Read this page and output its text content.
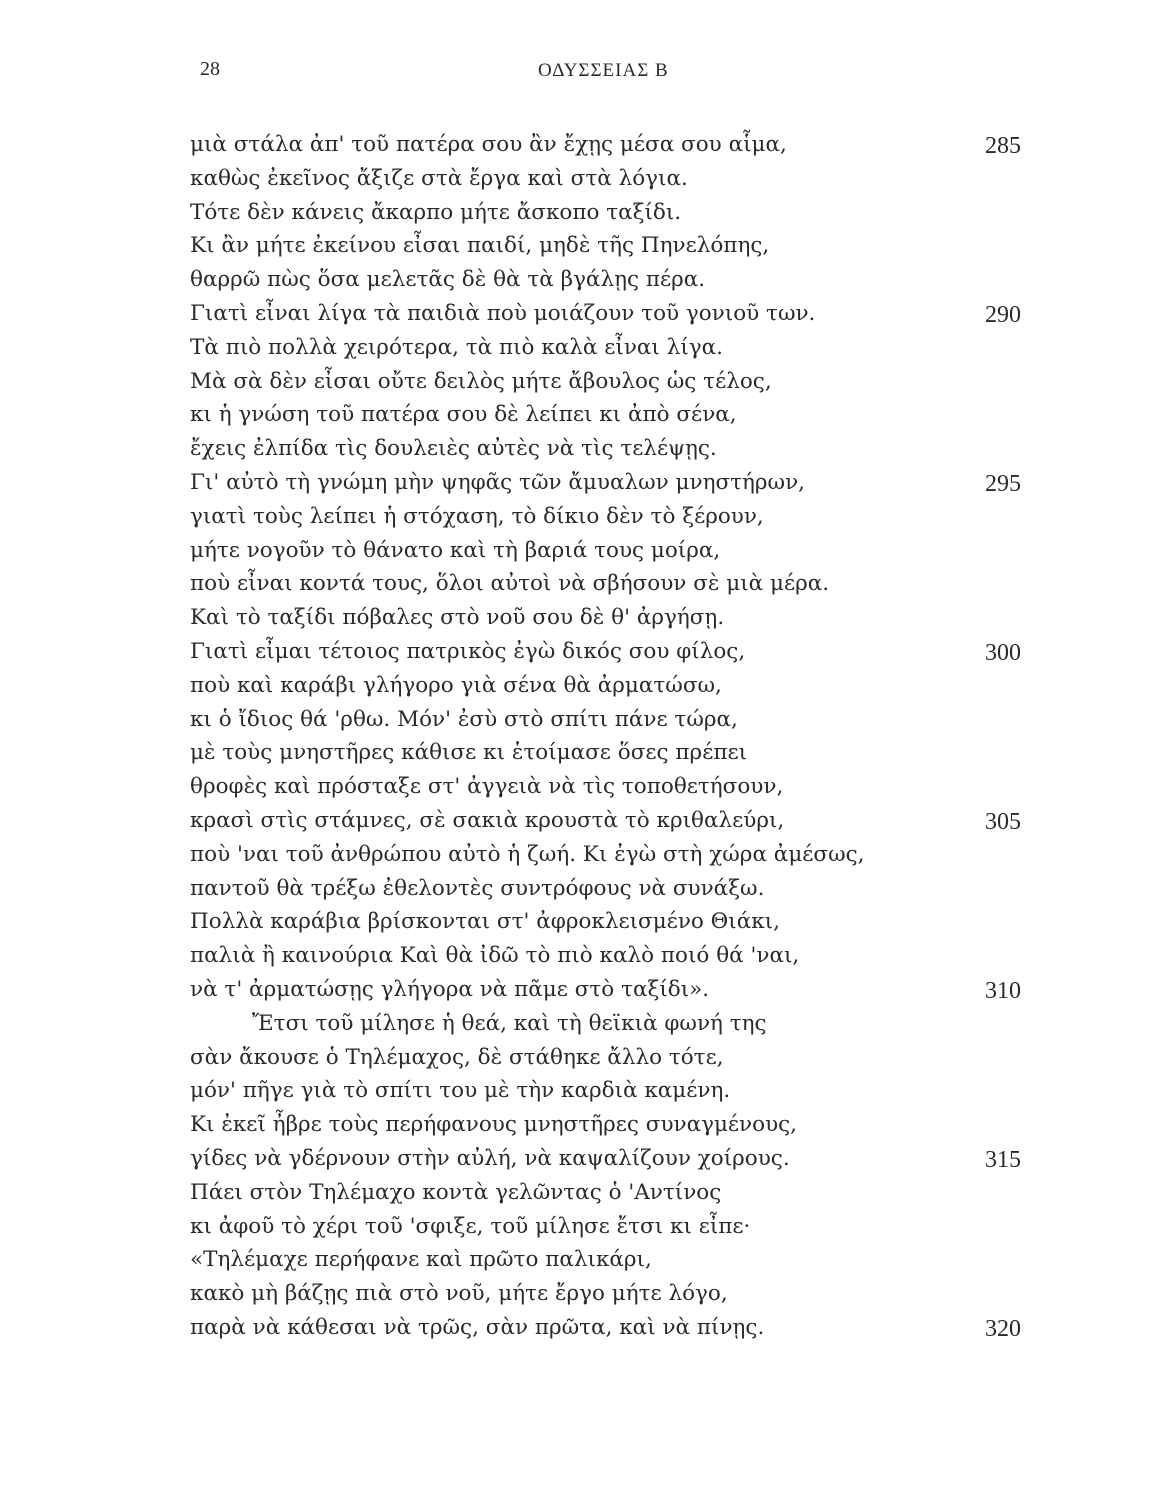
28	ΟΔΥΣΣΕΙΑΣ Β
μιὰ στάλα ἀπ' τοῦ πατέρα σου ἂν ἔχῃς μέσα σου αἷμα,	285
καθὼς ἐκεῖνος ἄξιζε στὰ ἔργα καὶ στὰ λόγια.
Τότε δὲν κάνεις ἄκαρπο μήτε ἄσκοπο ταξίδι.
Κι ἂν μήτε ἐκείνου εἶσαι παιδί, μηδὲ τῆς Πηνελόπης,
θαρρῶ πὼς ὅσα μελετᾶς δὲ θὰ τὰ βγάλῃς πέρα.
Γιατὶ εἶναι λίγα τὰ παιδιὰ ποὺ μοιάζουν τοῦ γονιοῦ των.	290
Τὰ πιὸ πολλὰ χειρότερα, τὰ πιὸ καλὰ εἶναι λίγα.
Μὰ σὰ δὲν εἶσαι οὔτε δειλὸς μήτε ἄβουλος ὡς τέλος,
κι ἡ γνώση τοῦ πατέρα σου δὲ λείπει κι ἀπὸ σένα,
ἔχεις ἐλπίδα τὶς δουλειὲς αὐτὲς νὰ τὶς τελέψῃς.
Γι' αὐτὸ τὴ γνώμη μὴν ψηφᾶς τῶν ἄμυαλων μνηστήρων,	295
γιατὶ τοὺς λείπει ἡ στόχαση, τὸ δίκιο δὲν τὸ ξέρουν,
μήτε νογοῦν τὸ θάνατο καὶ τὴ βαριά τους μοίρα,
ποὺ εἶναι κοντά τους, ὅλοι αὐτοὶ νὰ σβήσουν σὲ μιὰ μέρα.
Καὶ τὸ ταξίδι πόβαλες στὸ νοῦ σου δὲ θ' ἀργήσῃ.
Γιατὶ εἶμαι τέτοιος πατρικὸς ἐγὼ δικός σου φίλος,	300
ποὺ καὶ καράβι γλήγορο γιὰ σένα θὰ ἀρματώσω,
κι ὁ ἴδιος θά 'ρθω. Μόν' ἐσὺ στὸ σπίτι πάνε τώρα,
μὲ τοὺς μνηστῆρες κάθισε κι ἑτοίμασε ὅσες πρέπει
θροφὲς καὶ πρόσταξε στ' ἀγγειὰ νὰ τὶς τοποθετήσουν,
κρασὶ στὶς στάμνες, σὲ σακιὰ κρουστὰ τὸ κριθαλεύρι,	305
ποὺ 'ναι τοῦ ἀνθρώπου αὐτὸ ἡ ζωή. Κι ἐγὼ στὴ χώρα ἀμέσως,
παντοῦ θὰ τρέξω ἐθελοντὲς συντρόφους νὰ συνάξω.
Πολλὰ καράβια βρίσκονται στ' ἀφροκλεισμένο Θιάκι,
παλιὰ ἢ καινούρια Καὶ θὰ ἰδῶ τὸ πιὸ καλὸ ποιό θά 'ναι,
νὰ τ' ἀρματώσῃς γλήγορα νὰ πᾶμε στὸ ταξίδι».	310
Ἔτσι τοῦ μίλησε ἡ θεά, καὶ τὴ θεϊκιὰ φωνή της
σὰν ἄκουσε ὁ Τηλέμαχος, δὲ στάθηκε ἄλλο τότε,
μόν' πῆγε γιὰ τὸ σπίτι του μὲ τὴν καρδιὰ καμένη.
Κι ἐκεῖ ἦβρε τοὺς περήφανους μνηστῆρες συναγμένους,
γίδες νὰ γδέρνουν στὴν αὐλή, νὰ καψαλίζουν χοίρους.	315
Πάει στὸν Τηλέμαχο κοντὰ γελῶντας ὁ 'Αντίνος
κι ἀφοῦ τὸ χέρι τοῦ 'σφιξε, τοῦ μίλησε ἔτσι κι εἶπε·
«Τηλέμαχε περήφανε καὶ πρῶτο παλικάρι,
κακὸ μὴ βάζῃς πιὰ στὸ νοῦ, μήτε ἔργο μήτε λόγο,
παρὰ νὰ κάθεσαι νὰ τρῶς, σὰν πρῶτα, καὶ νὰ πίνῃς.	320
